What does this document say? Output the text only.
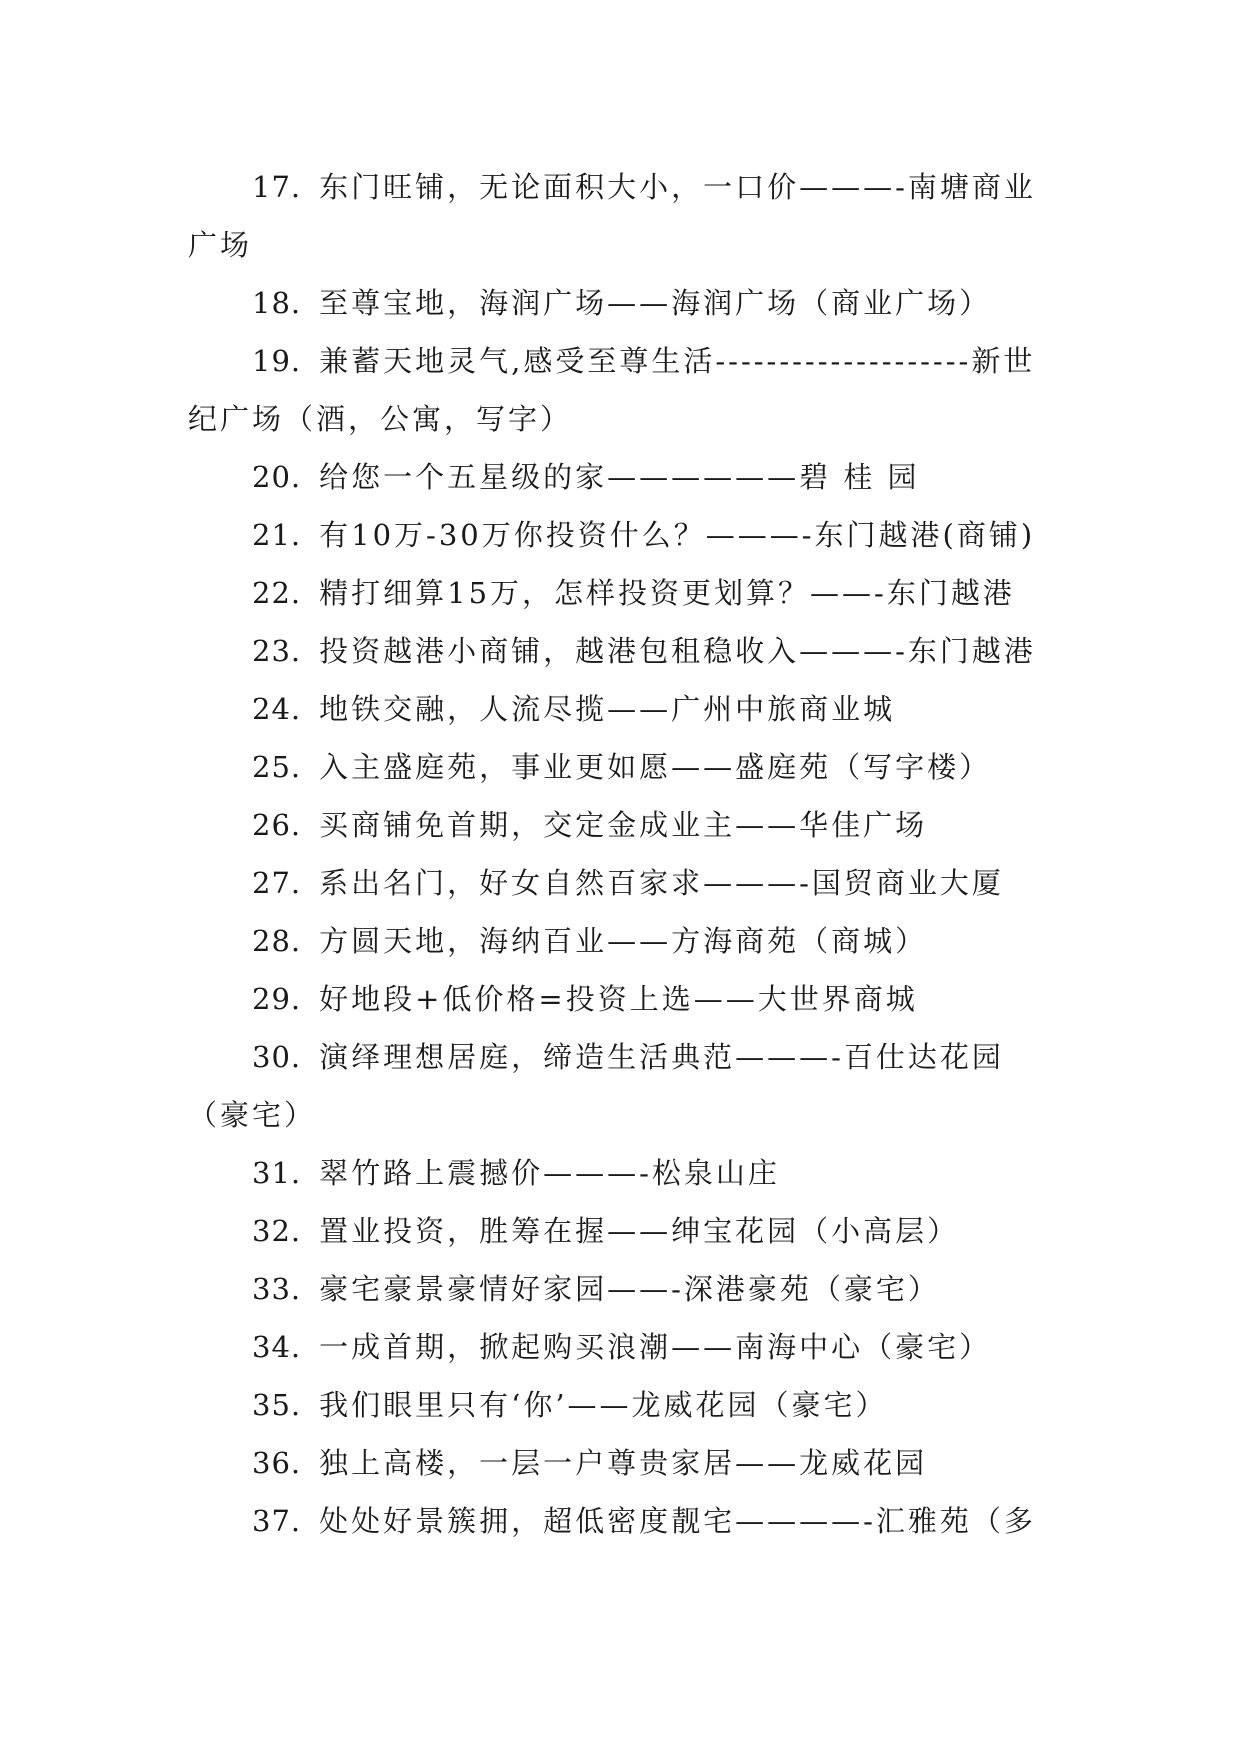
17. 东门旺铺，无论面积大小，一口价———-南塘商业广场

18. 至尊宝地，海润广场——海润广场（商业广场）

19. 兼蓄天地灵气,感受至尊生活--------------------新世纪广场（酒，公寓，写字）

20. 给您一个五星级的家——————碧 桂 园

21. 有10万-30万你投资什么？———-东门越港(商铺)

22. 精打细算15万，怎样投资更划算？——-东门越港

23. 投资越港小商铺，越港包租稳收入———-东门越港

24. 地铁交融，人流尽揽——广州中旅商业城

25. 入主盛庭苑，事业更如愿——盛庭苑（写字楼）

26. 买商铺免首期，交定金成业主——华佳广场

27. 系出名门，好女自然百家求———-国贸商业大厦

28. 方圆天地，海纳百业——方海商苑（商城）

29. 好地段+低价格=投资上选——大世界商城

30. 演绎理想居庭，缔造生活典范———-百仕达花园（豪宅）

31. 翠竹路上震撼价———-松泉山庄

32. 置业投资，胜筹在握——绅宝花园（小高层）

33. 豪宅豪景豪情好家园——-深港豪苑（豪宅）

34. 一成首期，掀起购买浪潮——南海中心（豪宅）

35. 我们眼里只有‘你’——龙威花园（豪宅）

36. 独上高楼，一层一户尊贵家居——龙威花园

37. 处处好景簇拥，超低密度靓宅————-汇雅苑（多
